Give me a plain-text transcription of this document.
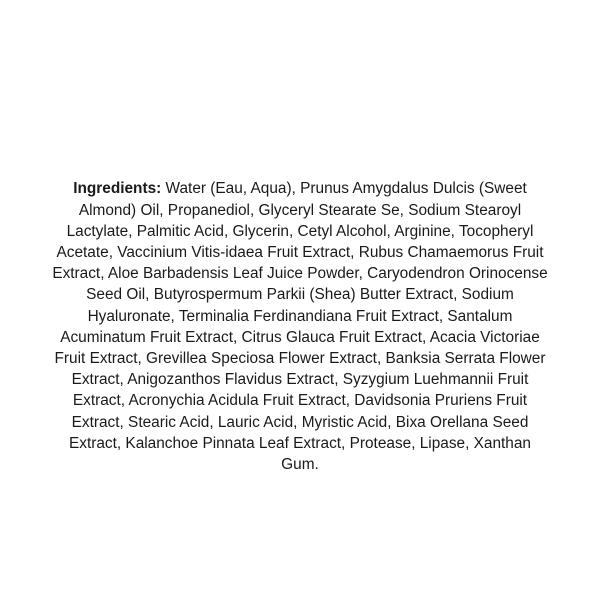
Ingredients: Water (Eau, Aqua), Prunus Amygdalus Dulcis (Sweet Almond) Oil, Propanediol, Glyceryl Stearate Se, Sodium Stearoyl Lactylate, Palmitic Acid, Glycerin, Cetyl Alcohol, Arginine, Tocopheryl Acetate, Vaccinium Vitis-idaea Fruit Extract, Rubus Chamaemorus Fruit Extract, Aloe Barbadensis Leaf Juice Powder, Caryodendron Orinocense Seed Oil, Butyrospermum Parkii (Shea) Butter Extract, Sodium Hyaluronate, Terminalia Ferdinandiana Fruit Extract, Santalum Acuminatum Fruit Extract, Citrus Glauca Fruit Extract, Acacia Victoriae Fruit Extract, Grevillea Speciosa Flower Extract, Banksia Serrata Flower Extract, Anigozanthos Flavidus Extract, Syzygium Luehmannii Fruit Extract, Acronychia Acidula Fruit Extract, Davidsonia Pruriens Fruit Extract, Stearic Acid, Lauric Acid, Myristic Acid, Bixa Orellana Seed Extract, Kalanchoe Pinnata Leaf Extract, Protease, Lipase, Xanthan Gum.
